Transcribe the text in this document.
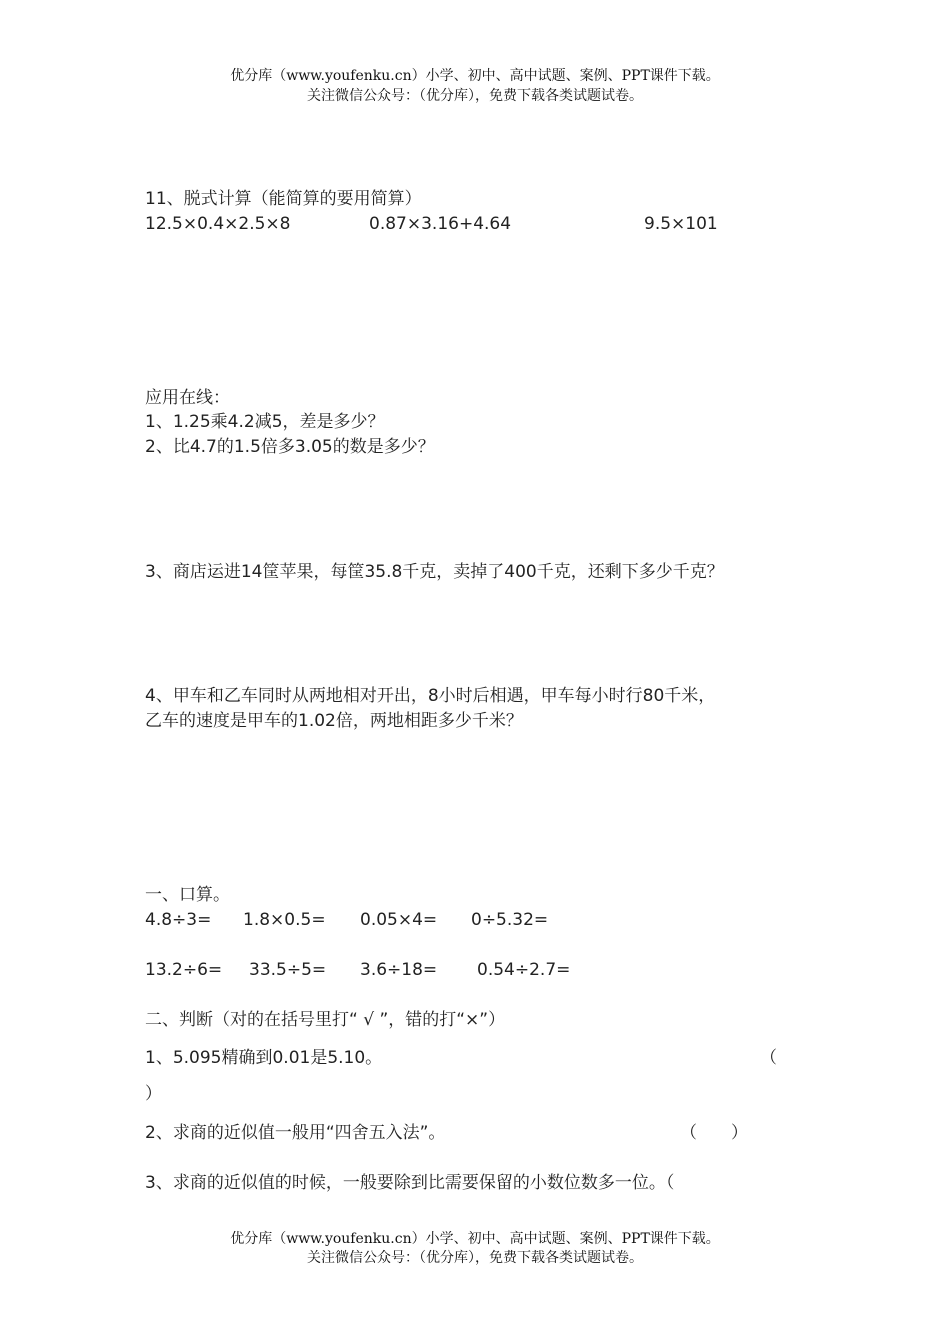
优分库（www.youfenku.cn）小学、初中、高中试题、案例、PPT课件下载。
关注微信公众号：（优分库），免费下载各类试题试卷。
11、脱式计算（能简算的要用简算）
12.5×0.4×2.5×8	0.87×3.16+4.64	9.5×101
应用在线：
1、1.25乘4.2减5，差是多少？
2、比4.7的1.5倍多3.05的数是多少？
3、商店运进14筐苹果，每筐35.8千克，卖掉了400千克，还剩下多少千克？
4、甲车和乙车同时从两地相对开出，8小时后相遇，甲车每小时行80千米，
乙车的速度是甲车的1.02倍，两地相距多少千米？
一、口算。
4.8÷3= 1.8×0.5= 0.05×4= 0÷5.32=
13.2÷6= 33.5÷5= 3.6÷18= 0.54÷2.7=
二、判断（对的在括号里打“ √ ”，错的打“×”）
1、5.095精确到0.01是5.10。	（
）
2、求商的近似值一般用“四舍五入法”。	（　　）
3、求商的近似值的时候，一般要除到比需要保留的小数位数多一位。（
优分库（www.youfenku.cn）小学、初中、高中试题、案例、PPT课件下载。
关注微信公众号：（优分库），免费下载各类试题试卷。
